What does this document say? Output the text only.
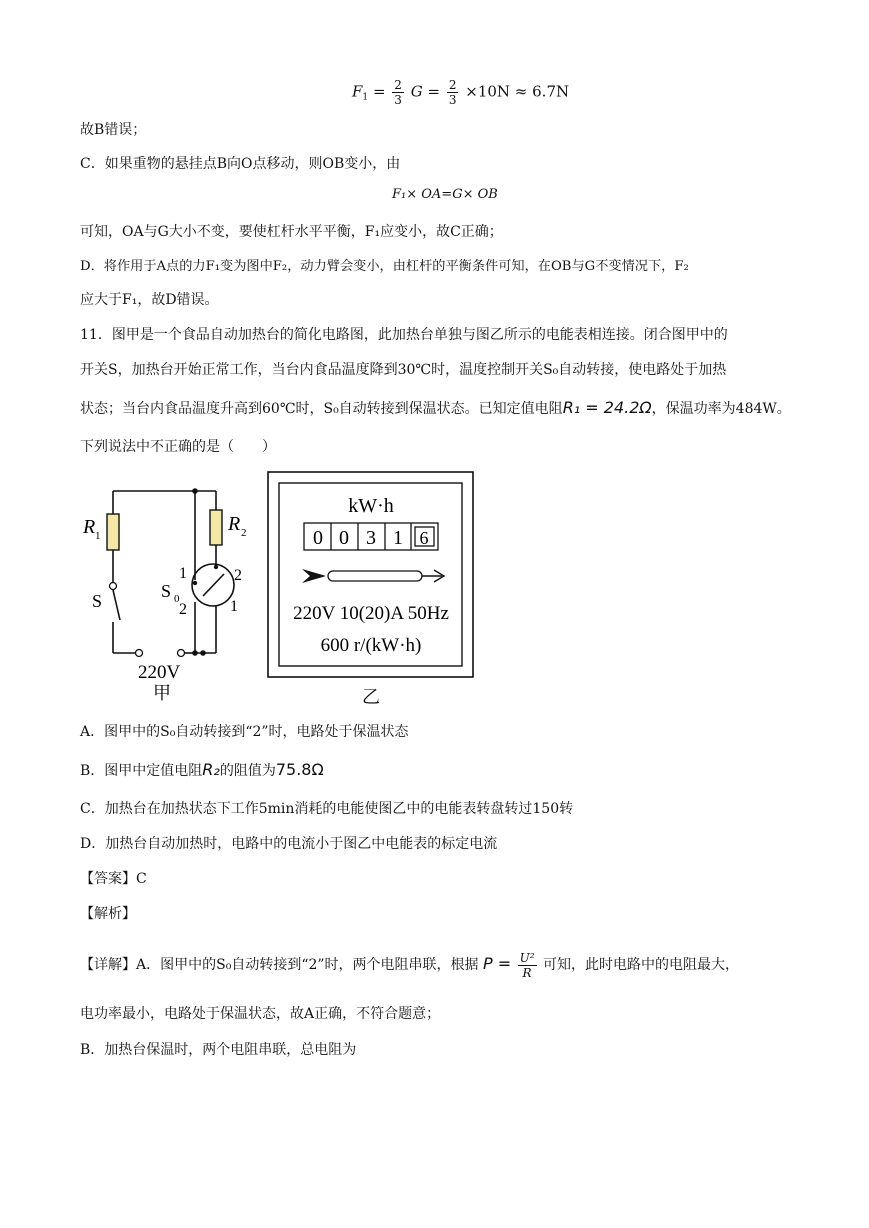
$F_1 = \frac{2}{3}$ $G = \frac{2}{3} \times 10N \approx 6.7N$
故B错误；
C．如果重物的悬挂点B向O点移动，则OB变小，由
F₁× OA=G× OB
可知，OA与G大小不变，要使杠杆水平平衡，F₁应变小，故C正确；
D．将作用于A点的力F₁变为图中F₂，动力臂会变小，由杠杆的平衡条件可知，在OB与G不变情况下，F₂
应大于F₁，故D错误。
11．图甲是一个食品自动加热台的简化电路图，此加热台单独与图乙所示的电能表相连接。闭合图甲中的
开关S，加热台开始正常工作，当台内食品温度降到30℃时，温度控制开关S₀自动转接，使电路处于加热
状态；当台内食品温度升高到60℃时，S₀自动转接到保温状态。已知定值电阻R₁ = 24.2Ω，保温功率为484W。
下列说法中不正确的是（　　）
R 1
R 2
S	S 0
1
2
2
1
220V
甲
kW·h
0 0 3 1 6
220V 10(20)A 50Hz
600 r/(kW·h)
乙
A．图甲中的S₀自动转接到“2”时，电路处于保温状态
B．图甲中定值电阻R₂的阻值为75.8Ω
C．加热台在加热状态下工作5min消耗的电能使图乙中的电能表转盘转过150转
D．加热台自动加热时，电路中的电流小于图乙中电能表的标定电流
【答案】C
【解析】
【详解】A．图甲中的S₀自动转接到“2”时，两个电阻串联，根据 $P = \frac{\text{U²}}{R}$ 可知，此时电路中的电阻最大，
电功率最小，电路处于保温状态，故A正确，不符合题意；
B．加热台保温时，两个电阻串联，总电阻为
